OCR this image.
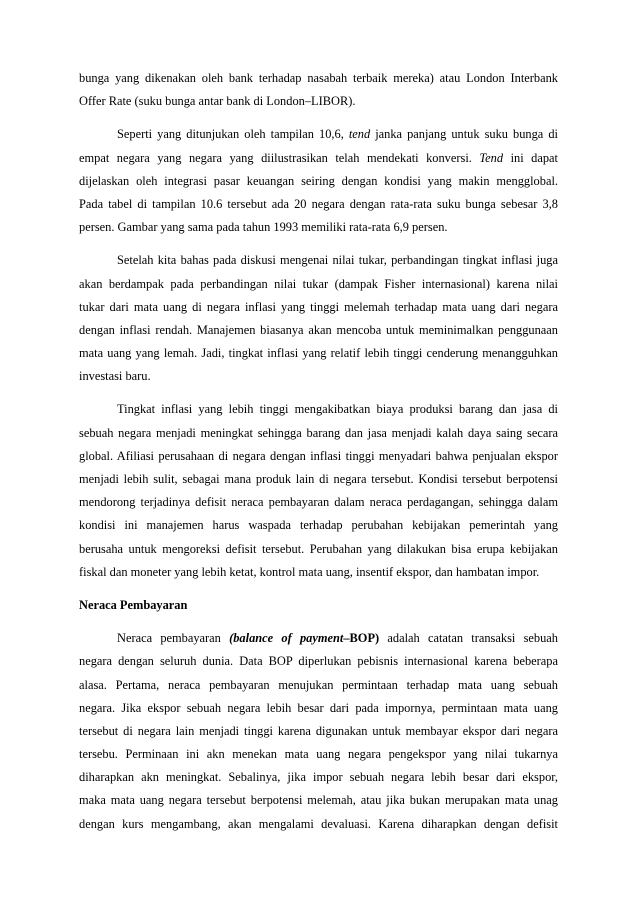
bunga yang dikenakan oleh bank terhadap nasabah terbaik mereka) atau London Interbank
Offer Rate (suku bunga antar bank di London–LIBOR).
Seperti yang ditunjukan oleh tampilan 10,6, tend janka panjang untuk suku bunga di
empat negara yang negara yang diilustrasikan telah mendekati konversi. Tend ini dapat
dijelaskan oleh integrasi pasar keuangan seiring dengan kondisi yang makin mengglobal.
Pada tabel di tampilan 10.6 tersebut ada 20 negara dengan rata-rata suku bunga sebesar 3,8
persen. Gambar yang sama pada tahun 1993 memiliki rata-rata 6,9 persen.
Setelah kita bahas pada diskusi mengenai nilai tukar, perbandingan tingkat inflasi juga
akan berdampak pada perbandingan nilai tukar (dampak Fisher internasional) karena nilai
tukar dari mata uang di negara inflasi yang tinggi melemah terhadap mata uang dari negara
dengan inflasi rendah. Manajemen biasanya akan mencoba untuk meminimalkan penggunaan
mata uang yang lemah. Jadi, tingkat inflasi yang relatif lebih tinggi cenderung menangguhkan
investasi baru.
Tingkat inflasi yang lebih tinggi mengakibatkan biaya produksi barang dan jasa di
sebuah negara menjadi meningkat sehingga barang dan jasa menjadi kalah daya saing secara
global. Afiliasi perusahaan di negara dengan inflasi tinggi menyadari bahwa penjualan ekspor
menjadi lebih sulit, sebagai mana produk lain di negara tersebut. Kondisi tersebut berpotensi
mendorong terjadinya defisit neraca pembayaran dalam neraca perdagangan, sehingga dalam
kondisi ini manajemen harus waspada terhadap perubahan kebijakan pemerintah yang
berusaha untuk mengoreksi defisit tersebut. Perubahan yang dilakukan bisa erupa kebijakan
fiskal dan moneter yang lebih ketat, kontrol mata uang, insentif ekspor, dan hambatan impor.
Neraca Pembayaran
Neraca pembayaran (balance of payment–BOP) adalah catatan transaksi sebuah
negara dengan seluruh dunia. Data BOP diperlukan pebisnis internasional karena beberapa
alasa. Pertama, neraca pembayaran menujukan permintaan terhadap mata uang sebuah
negara. Jika ekspor sebuah negara lebih besar dari pada impornya, permintaan mata uang
tersebut di negara lain menjadi tinggi karena digunakan untuk membayar ekspor dari negara
tersebu. Perminaan ini akn menekan mata uang negara pengekspor yang nilai tukarnya
diharapkan akn meningkat. Sebalinya, jika impor sebuah negara lebih besar dari ekspor,
maka mata uang negara tersebut berpotensi melemah, atau jika bukan merupakan mata unag
dengan kurs mengambang, akan mengalami devaluasi. Karena diharapkan dengan defisit
